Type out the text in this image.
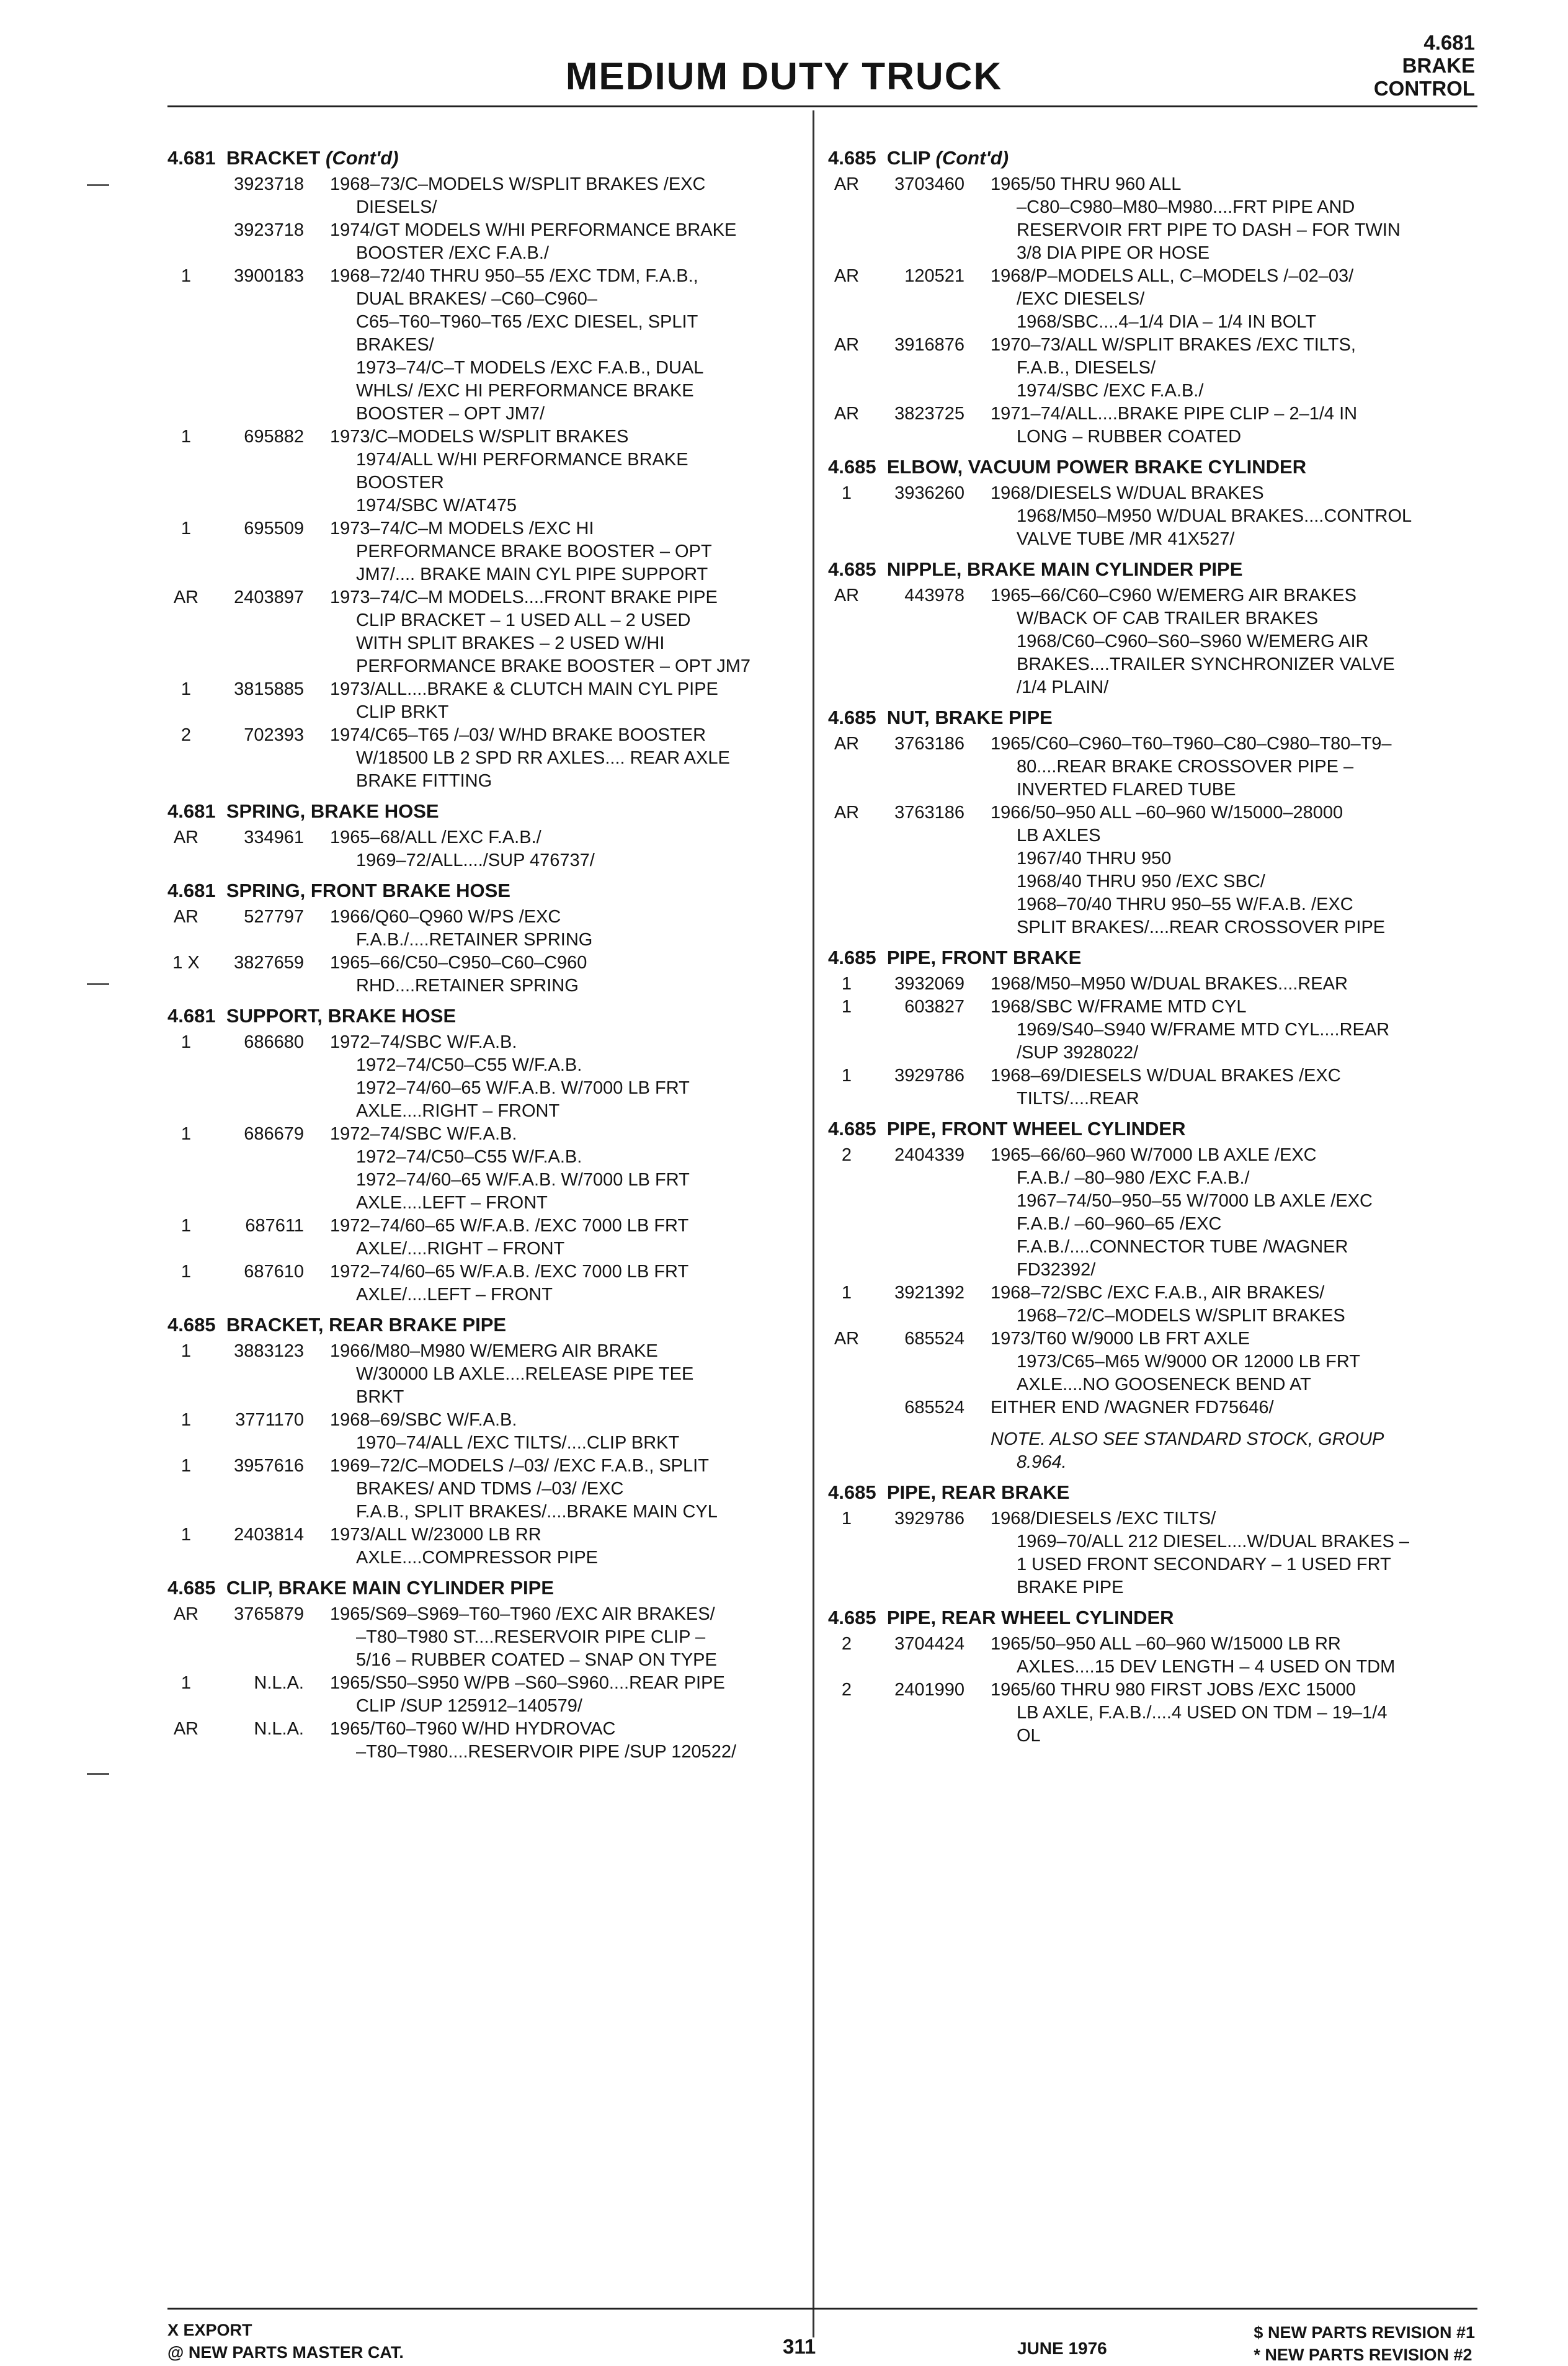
MEDIUM DUTY TRUCK
4.681
BRAKE
CONTROL
4.681 BRACKET (Cont'd)
3923718 1968–73/C–MODELS W/SPLIT BRAKES /EXC
DIESELS/
3923718 1974/GT MODELS W/HI PERFORMANCE BRAKE
BOOSTER /EXC F.A.B./
1	3900183 1968–72/40 THRU 950–55 /EXC TDM, F.A.B.,
DUAL BRAKES/ –C60–C960–
C65–T60–T960–T65 /EXC DIESEL, SPLIT
BRAKES/
1973–74/C–T MODELS /EXC F.A.B., DUAL
WHLS/ /EXC HI PERFORMANCE BRAKE
BOOSTER – OPT JM7/
1	695882 1973/C–MODELS W/SPLIT BRAKES
1974/ALL W/HI PERFORMANCE BRAKE
BOOSTER
1974/SBC W/AT475
1	695509 1973–74/C–M MODELS /EXC HI
PERFORMANCE BRAKE BOOSTER – OPT
JM7/.... BRAKE MAIN CYL PIPE SUPPORT
AR	2403897 1973–74/C–M MODELS....FRONT BRAKE PIPE
CLIP BRACKET – 1 USED ALL – 2 USED
WITH SPLIT BRAKES – 2 USED W/HI
PERFORMANCE BRAKE BOOSTER – OPT JM7
1	3815885 1973/ALL....BRAKE & CLUTCH MAIN CYL PIPE
CLIP BRKT
2	702393 1974/C65–T65 /–03/ W/HD BRAKE BOOSTER
W/18500 LB 2 SPD RR AXLES.... REAR AXLE
BRAKE FITTING
4.681 SPRING, BRAKE HOSE
AR	334961 1965–68/ALL /EXC F.A.B./
1969–72/ALL..../SUP 476737/
4.681 SPRING, FRONT BRAKE HOSE
AR	527797 1966/Q60–Q960 W/PS /EXC
F.A.B./....RETAINER SPRING
1 X	3827659 1965–66/C50–C950–C60–C960
RHD....RETAINER SPRING
4.681 SUPPORT, BRAKE HOSE
1	686680 1972–74/SBC W/F.A.B.
1972–74/C50–C55 W/F.A.B.
1972–74/60–65 W/F.A.B. W/7000 LB FRT
AXLE....RIGHT – FRONT
1	686679 1972–74/SBC W/F.A.B.
1972–74/C50–C55 W/F.A.B.
1972–74/60–65 W/F.A.B. W/7000 LB FRT
AXLE....LEFT – FRONT
1	687611 1972–74/60–65 W/F.A.B. /EXC 7000 LB FRT
AXLE/....RIGHT – FRONT
1	687610 1972–74/60–65 W/F.A.B. /EXC 7000 LB FRT
AXLE/....LEFT – FRONT
4.685 BRACKET, REAR BRAKE PIPE
1	3883123 1966/M80–M980 W/EMERG AIR BRAKE
W/30000 LB AXLE....RELEASE PIPE TEE
BRKT
1	3771170 1968–69/SBC W/F.A.B.
1970–74/ALL /EXC TILTS/....CLIP BRKT
1	3957616 1969–72/C–MODELS /–03/ /EXC F.A.B., SPLIT
BRAKES/ AND TDMS /–03/ /EXC
F.A.B., SPLIT BRAKES/....BRAKE MAIN CYL
1	2403814 1973/ALL W/23000 LB RR
AXLE....COMPRESSOR PIPE
4.685 CLIP, BRAKE MAIN CYLINDER PIPE
AR	3765879 1965/S69–S969–T60–T960 /EXC AIR BRAKES/
–T80–T980 ST....RESERVOIR PIPE CLIP –
5/16 – RUBBER COATED – SNAP ON TYPE
1	N.L.A. 1965/S50–S950 W/PB –S60–S960....REAR PIPE
CLIP /SUP 125912–140579/
AR	N.L.A. 1965/T60–T960 W/HD HYDROVAC
–T80–T980....RESERVOIR PIPE /SUP 120522/
4.685 CLIP (Cont'd)
AR	3703460 1965/50 THRU 960 ALL
–C80–C980–M80–M980....FRT PIPE AND
RESERVOIR FRT PIPE TO DASH – FOR TWIN
3/8 DIA PIPE OR HOSE
AR	120521 1968/P–MODELS ALL, C–MODELS /–02–03/
/EXC DIESELS/
1968/SBC....4–1/4 DIA – 1/4 IN BOLT
AR	3916876 1970–73/ALL W/SPLIT BRAKES /EXC TILTS,
F.A.B., DIESELS/
1974/SBC /EXC F.A.B./
AR	3823725 1971–74/ALL....BRAKE PIPE CLIP – 2–1/4 IN
LONG – RUBBER COATED
4.685 ELBOW, VACUUM POWER BRAKE CYLINDER
1	3936260 1968/DIESELS W/DUAL BRAKES
1968/M50–M950 W/DUAL BRAKES....CONTROL
VALVE TUBE /MR 41X527/
4.685 NIPPLE, BRAKE MAIN CYLINDER PIPE
AR	443978 1965–66/C60–C960 W/EMERG AIR BRAKES
W/BACK OF CAB TRAILER BRAKES
1968/C60–C960–S60–S960 W/EMERG AIR
BRAKES....TRAILER SYNCHRONIZER VALVE
/1/4 PLAIN/
4.685 NUT, BRAKE PIPE
AR	3763186 1965/C60–C960–T60–T960–C80–C980–T80–T9–
80....REAR BRAKE CROSSOVER PIPE –
INVERTED FLARED TUBE
AR	3763186 1966/50–950 ALL –60–960 W/15000–28000
LB AXLES
1967/40 THRU 950
1968/40 THRU 950 /EXC SBC/
1968–70/40 THRU 950–55 W/F.A.B. /EXC
SPLIT BRAKES/....REAR CROSSOVER PIPE
4.685 PIPE, FRONT BRAKE
1	3932069 1968/M50–M950 W/DUAL BRAKES....REAR
1	603827 1968/SBC W/FRAME MTD CYL
1969/S40–S940 W/FRAME MTD CYL....REAR
/SUP 3928022/
1	3929786 1968–69/DIESELS W/DUAL BRAKES /EXC
TILTS/....REAR
4.685 PIPE, FRONT WHEEL CYLINDER
2	2404339 1965–66/60–960 W/7000 LB AXLE /EXC
F.A.B./ –80–980 /EXC F.A.B./
1967–74/50–950–55 W/7000 LB AXLE /EXC
F.A.B./ –60–960–65 /EXC
F.A.B./....CONNECTOR TUBE /WAGNER
FD32392/
1	3921392 1968–72/SBC /EXC F.A.B., AIR BRAKES/
1968–72/C–MODELS W/SPLIT BRAKES
AR	685524 1973/T60 W/9000 LB FRT AXLE
1973/C65–M65 W/9000 OR 12000 LB FRT
AXLE....NO GOOSENECK BEND AT
685524 EITHER END /WAGNER FD75646/
NOTE. ALSO SEE STANDARD STOCK, GROUP
8.964.
4.685 PIPE, REAR BRAKE
1	3929786 1968/DIESELS /EXC TILTS/
1969–70/ALL 212 DIESEL....W/DUAL BRAKES –
1 USED FRONT SECONDARY – 1 USED FRT
BRAKE PIPE
4.685 PIPE, REAR WHEEL CYLINDER
2	3704424 1965/50–950 ALL –60–960 W/15000 LB RR
AXLES....15 DEV LENGTH – 4 USED ON TDM
2	2401990 1965/60 THRU 980 FIRST JOBS /EXC 15000
LB AXLE, F.A.B./....4 USED ON TDM – 19–1/4
OL
X EXPORT
@ NEW PARTS MASTER CAT.	311	JUNE 1976
$ NEW PARTS REVISION #1
* NEW PARTS REVISION #2
